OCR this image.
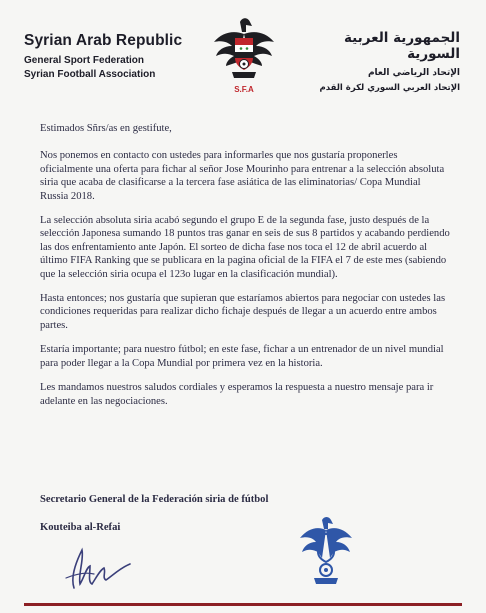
Syrian Arab Republic
General Sport Federation
Syrian Football Association
S.F.A
الجمهورية العربية السورية
الإتحاد الرياضي العام
الإتحاد العربي السوري لكرة القدم

Estimados Sñrs/as en gestifute,

Nos ponemos en contacto con ustedes para informarles que nos gustaría proponerles oficialmente una oferta para fichar al señor Jose Mourinho para entrenar a la selección absoluta siria que acaba de clasificarse a la tercera fase asiática de las eliminatorias/ Copa Mundial Russia 2018.

La selección absoluta siria acabó segundo el grupo E de la segunda fase, justo después de la selección Japonesa sumando 18 puntos tras ganar en seis de sus 8 partidos y acabando perdiendo las dos enfrentamiento ante Japón. El sorteo de dicha fase nos toca el 12 de abril acuerdo al último FIFA Ranking que se publicara en la pagina oficial de la FIFA el 7 de este mes (sabiendo que la selección siria ocupa el 123o lugar en la clasificación mundial).

Hasta entonces; nos gustaría que supieran que estaríamos abiertos para negociar con ustedes las condiciones requeridas para realizar dicho fichaje después de llegar a un acuerdo entre ambos partes.

Estaría importante; para nuestro fútbol; en este fase, fichar a un entrenador de un nivel mundial para poder llegar a la Copa Mundial por primera vez en la historia.

Les mandamos nuestros saludos cordiales y esperamos la respuesta a nuestro mensaje para ir adelante en las negociaciones.

Secretario General de la Federación siria de fútbol
Kouteiba al-Refai
